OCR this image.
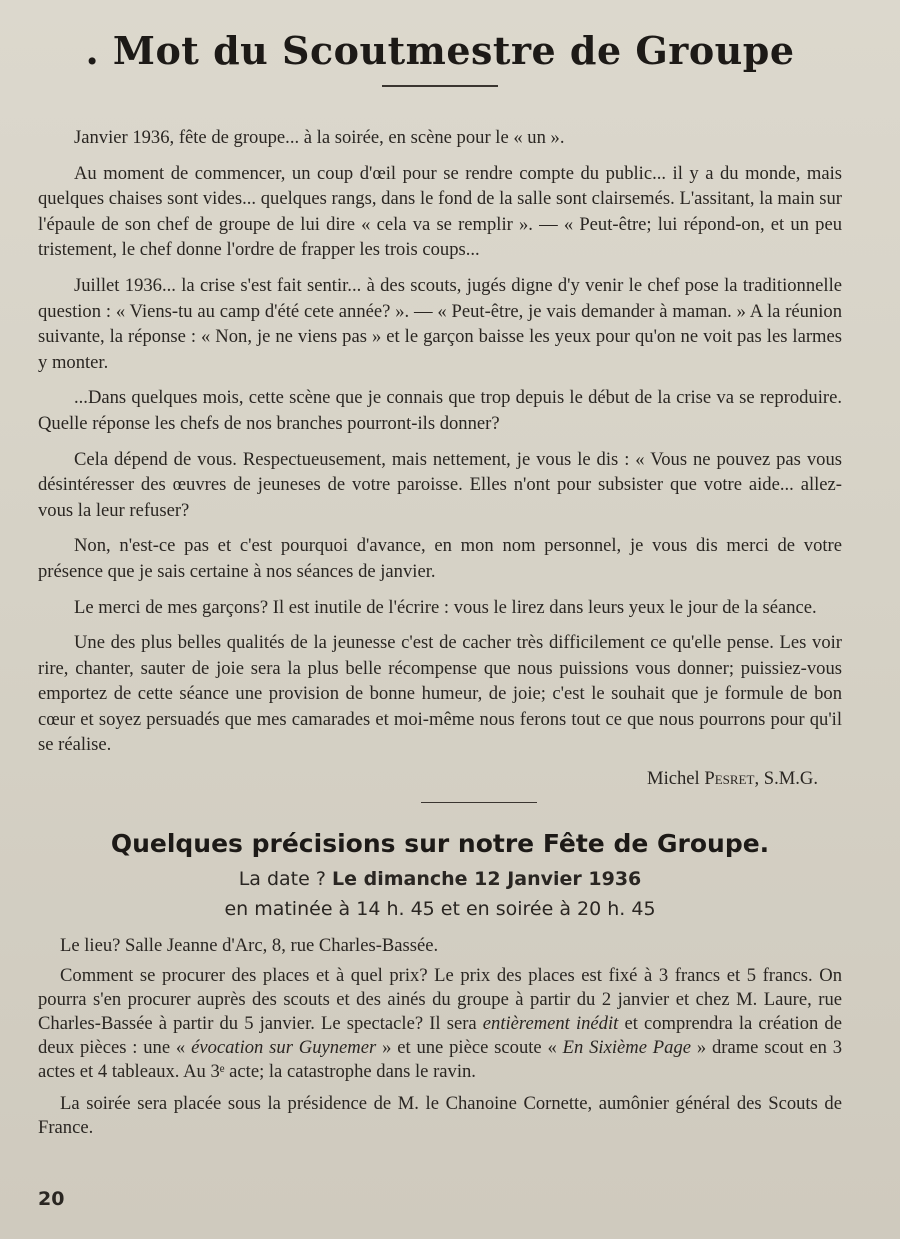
. Mot du Scoutmestre de Groupe

Janvier 1936, fête de groupe... à la soirée, en scène pour le « un ».

Au moment de commencer, un coup d'œil pour se rendre compte du public... il y a du monde, mais quelques chaises sont vides... quelques rangs, dans le fond de la salle sont clairsemés. L'assitant, la main sur l'épaule de son chef de groupe de lui dire « cela va se remplir ». — « Peut-être; lui répond-on, et un peu tristement, le chef donne l'ordre de frapper les trois coups...

Juillet 1936... la crise s'est fait sentir... à des scouts, jugés digne d'y venir le chef pose la traditionnelle question : « Viens-tu au camp d'été cete année? ». — « Peut-être, je vais demander à maman. » A la réunion suivante, la réponse : « Non, je ne viens pas » et le garçon baisse les yeux pour qu'on ne voit pas les larmes y monter.

...Dans quelques mois, cette scène que je connais que trop depuis le début de la crise va se reproduire. Quelle réponse les chefs de nos branches pourront-ils donner?

Cela dépend de vous. Respectueusement, mais nettement, je vous le dis : « Vous ne pouvez pas vous désintéresser des œuvres de jeuneses de votre paroisse. Elles n'ont pour subsister que votre aide... allez-vous la leur refuser?

Non, n'est-ce pas et c'est pourquoi d'avance, en mon nom personnel, je vous dis merci de votre présence que je sais certaine à nos séances de janvier.

Le merci de mes garçons? Il est inutile de l'écrire : vous le lirez dans leurs yeux le jour de la séance.

Une des plus belles qualités de la jeunesse c'est de cacher très difficilement ce qu'elle pense. Les voir rire, chanter, sauter de joie sera la plus belle récompense que nous puissions vous donner; puissiez-vous emportez de cette séance une provision de bonne humeur, de joie; c'est le souhait que je formule de bon cœur et soyez persuadés que mes camarades et moi-même nous ferons tout ce que nous pourrons pour qu'il se réalise.

Michel Pesret, S.M.G.
Quelques précisions sur notre Fête de Groupe.
La date ? Le dimanche 12 Janvier 1936
en matinée à 14 h. 45 et en soirée à 20 h. 45

Le lieu? Salle Jeanne d'Arc, 8, rue Charles-Bassée.

Comment se procurer des places et à quel prix? Le prix des places est fixé à 3 francs et 5 francs. On pourra s'en procurer auprès des scouts et des ainés du groupe à partir du 2 janvier et chez M. Laure, rue Charles-Bassée à partir du 5 janvier. Le spectacle? Il sera entièrement inédit et comprendra la création de deux pièces : une « évocation sur Guynemer » et une pièce scoute « En Sixième Page » drame scout en 3 actes et 4 tableaux. Au 3ᵉ acte; la catastrophe dans le ravin.

La soirée sera placée sous la présidence de M. le Chanoine Cornette, aumônier général des Scouts de France.

20
